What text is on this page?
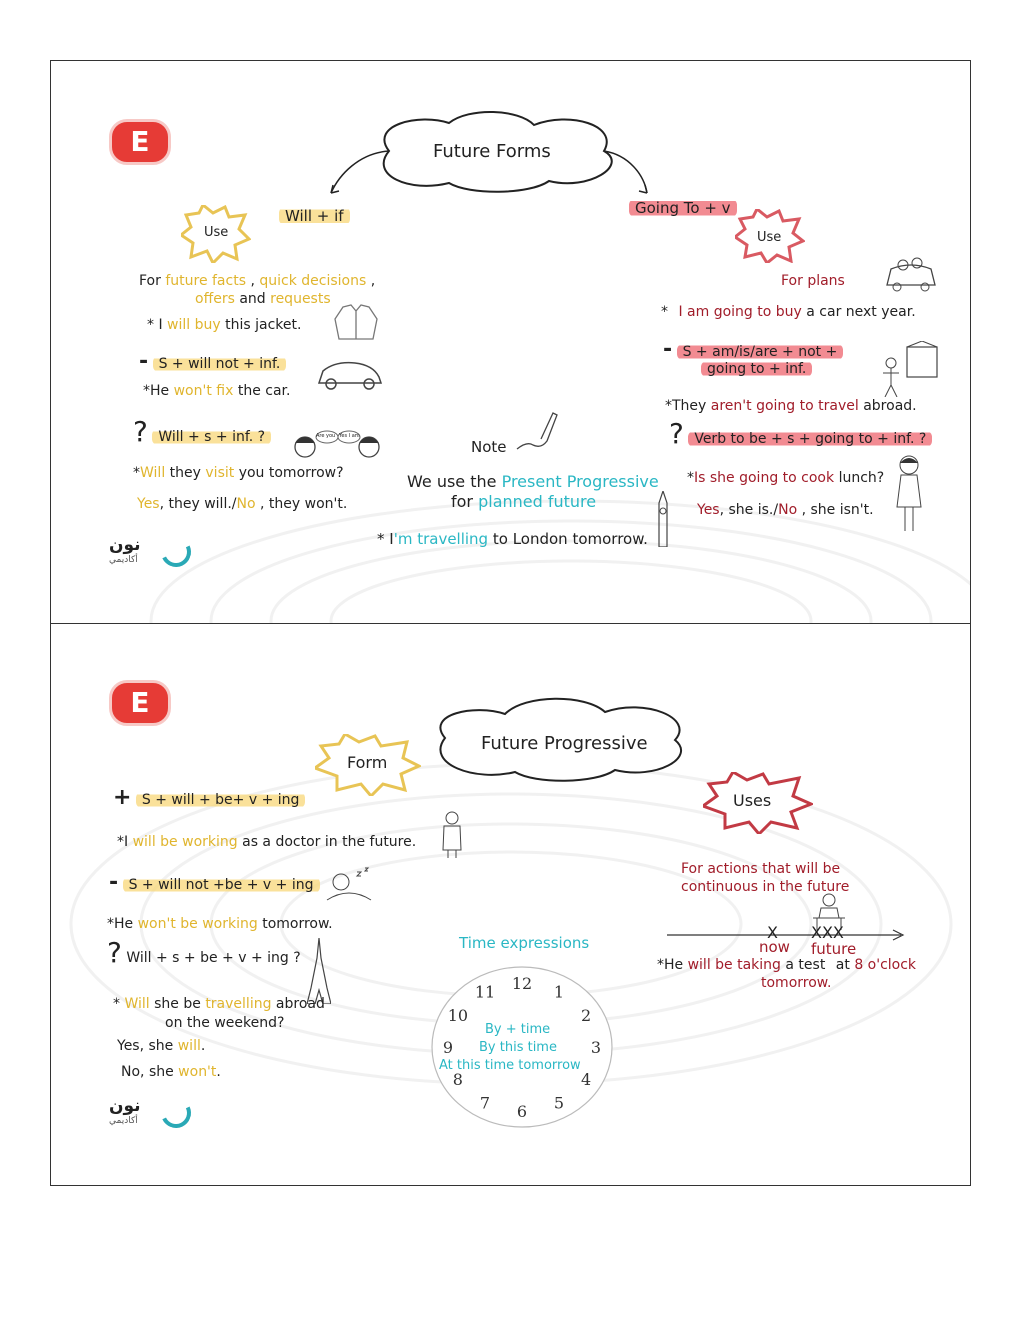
E	Future Forms
Use
Will + if
For future facts , quick decisions ,
offers and requests
* I will buy this jacket.
- S + will not + inf.
*He won't fix the car.
? Will + s + inf. ?	Are you Yes I am
*Will they visit you tomorrow?
Yes, they will./No , they won't.
نون
أكاديمي
Note
We use the Present Progressive
for planned future
* I'm travelling to London tomorrow.
Going To + v
Use
For plans
* I am going to buy a car next year.
- S + am/is/are + not +
going to + inf.
*They aren't going to travel abroad.
? Verb to be + s + going to + inf. ?
*Is she going to cook lunch?
Yes, she is./No , she isn't.
E
Future Progressive
Form
Uses
+ S + will + be+ v + ing
*I will be working as a doctor in the future.
- S + will not +be + v + ing
*He won't be working tomorrow.
? Will + s + be + v + ing ?
* Will she be travelling abroad
on the weekend?
Yes, she will.
No, she won't.
نون
أكاديمي
Time expressions
12 1
2
3
4
5
6
7
8
9
10
11
By + time
By this time
At this time tomorrow
For actions that will be
continuous in the future
X XXX
now future
*He will be taking a test at 8 o'clock
tomorrow.
